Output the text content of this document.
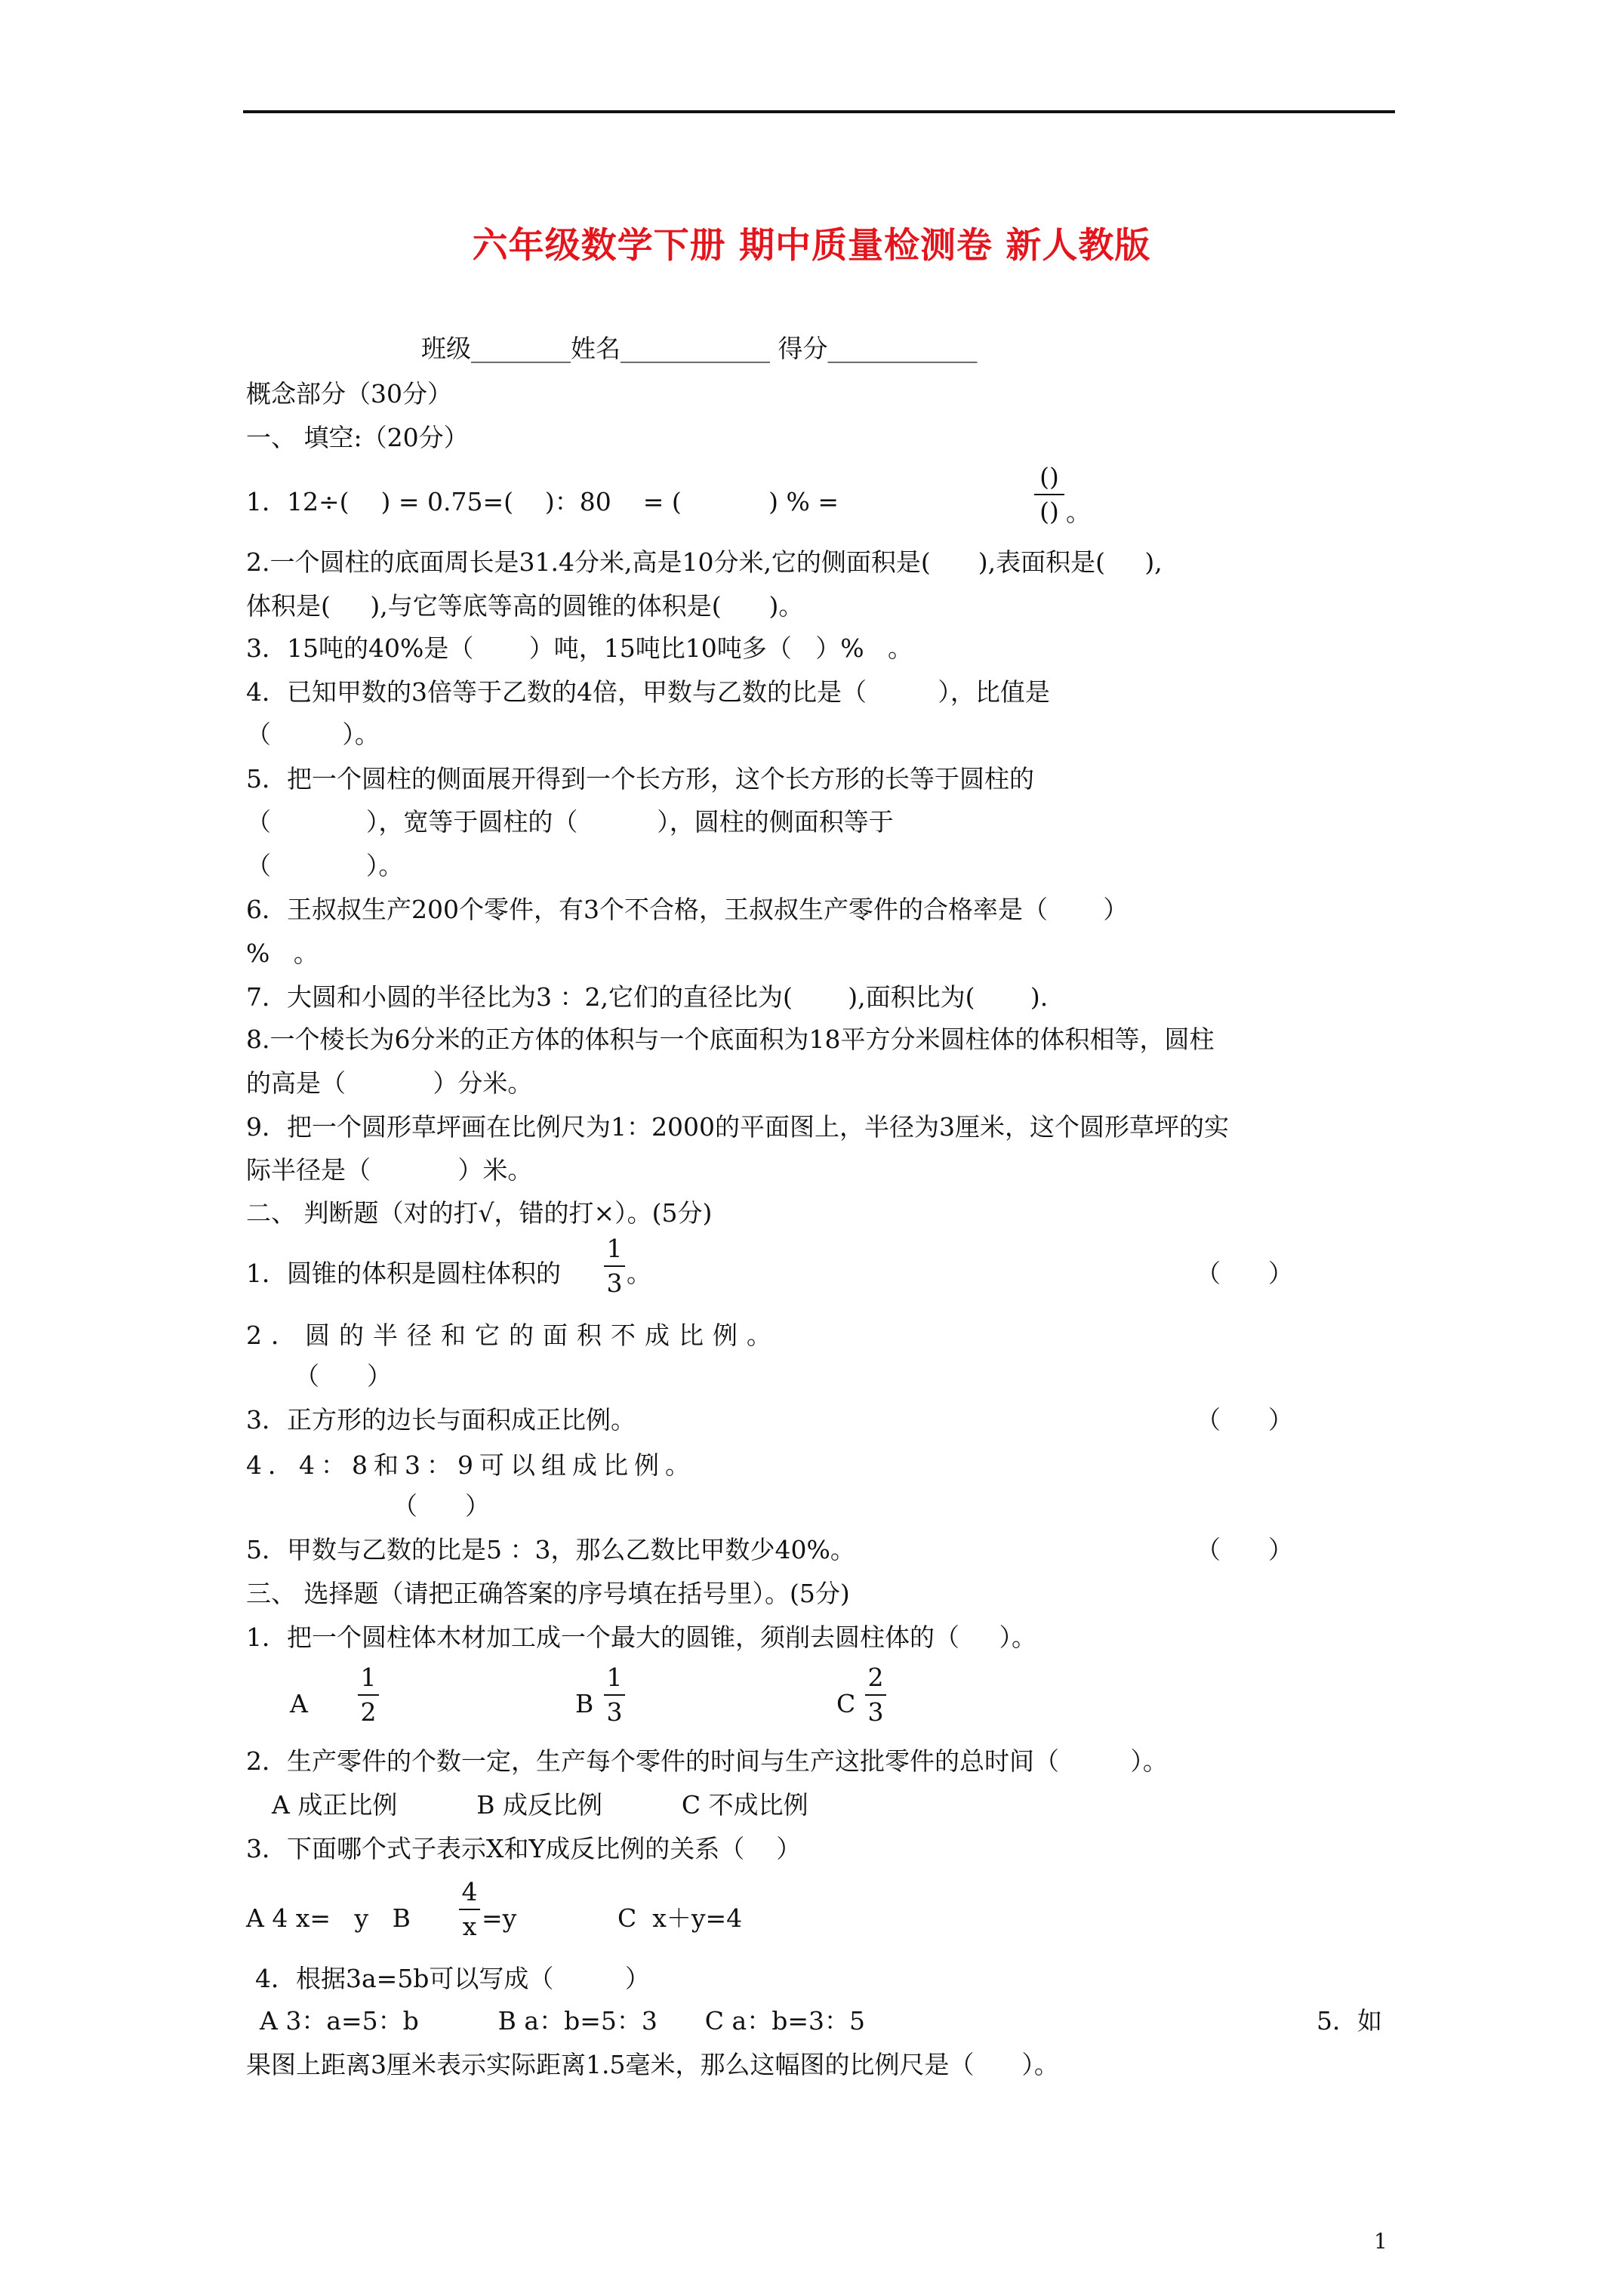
六年级数学下册 期中质量检测卷 新人教版
班级________姓名____________ 得分____________
概念部分（30分）
一、 填空:（20分）
1．12÷(    ) = 0.75=(    )：80    = (           ) % =
()
() 。
2.一个圆柱的底面周长是31.4分米,高是10分米,它的侧面积是(      ),表面积是(     ),
体积是(     ),与它等底等高的圆锥的体积是(      )。
3．15吨的40%是（       ）吨，15吨比10吨多（   ）%   。
4．已知甲数的3倍等于乙数的4倍，甲数与乙数的比是（         ），比值是
（         ）。
5．把一个圆柱的侧面展开得到一个长方形，这个长方形的长等于圆柱的
（            ），宽等于圆柱的（          ），圆柱的侧面积等于
（            ）。
6．王叔叔生产200个零件，有3个不合格，王叔叔生产零件的合格率是（       ）
%   。
7．大圆和小圆的半径比为3 ：2,它们的直径比为(       ),面积比为(       ).
8.一个棱长为6分米的正方体的体积与一个底面积为18平方分米圆柱体的体积相等，圆柱
的高是（           ）分米。
9．把一个圆形草坪画在比例尺为1：2000的平面图上，半径为3厘米，这个圆形草坪的实
际半径是（           ）米。
二、 判断题（对的打√，错的打×）。(5分)
1．圆锥的体积是圆柱体积的
1
3 。	（      ）
2．圆的半径和它的面积不成比例。
（      ）
3．正方形的边长与面积成正比例。	（      ）
4．4：8和3：9可以组成比例。
（      ）
5．甲数与乙数的比是5 ：3，那么乙数比甲数少40%。	（      ）
三、 选择题（请把正确答案的序号填在括号里）。(5分)
1．把一个圆柱体木材加工成一个最大的圆锥，须削去圆柱体的（     ）。
A
1
2	B
1
3	C
2
3
2．生产零件的个数一定，生产每个零件的时间与生产这批零件的总时间（         ）。
A 成正比例          B 成反比例          C 不成比例
3．下面哪个式子表示X和Y成反比例的关系（    ）
A 4 x=   y   B
4
x =y	C  x＋y=4
4．根据3a=5b可以写成（         ）
A 3：a=5：b          B a：b=5：3      C a：b=3：5	5．如
果图上距离3厘米表示实际距离1.5毫米，那么这幅图的比例尺是（      ）。
1
